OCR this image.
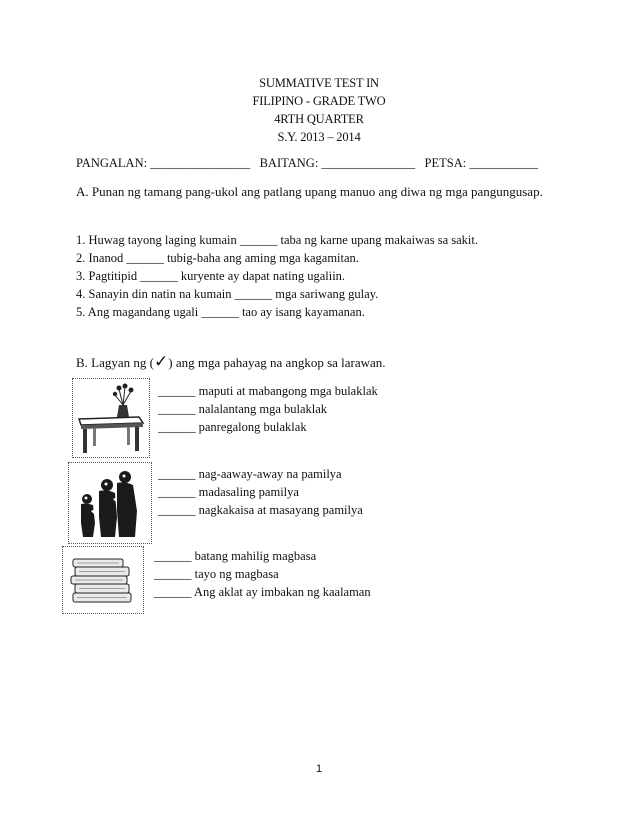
SUMMATIVE TEST IN
FILIPINO - GRADE TWO
4RTH QUARTER
S.Y. 2013 – 2014
PANGALAN: ________________ BAITANG: _______________ PETSA: ___________
A. Punan ng tamang pang-ukol ang patlang upang manuo ang diwa ng mga pangungusap.
1. Huwag tayong laging kumain ______ taba ng karne upang makaiwas sa sakit.
2. Inanod ______ tubig-baha ang aming mga kagamitan.
3. Pagtitipid ______ kuryente ay dapat nating ugaliin.
4. Sanayin din natin na kumain ______ mga sariwang gulay.
5. Ang magandang ugali ______ tao ay isang kayamanan.
B. Lagyan ng (✓) ang mga pahayag na angkop sa larawan.
______ maputi at mabangong mga bulaklak
______ nalalantang mga bulaklak
______ panregalong bulaklak
______ nag-aaway-away na pamilya
______ madasaling pamilya
______ nagkakaisa at masayang pamilya
______ batang mahilig magbasa
______ tayo ng magbasa
______ Ang aklat ay imbakan ng kaalaman
1
